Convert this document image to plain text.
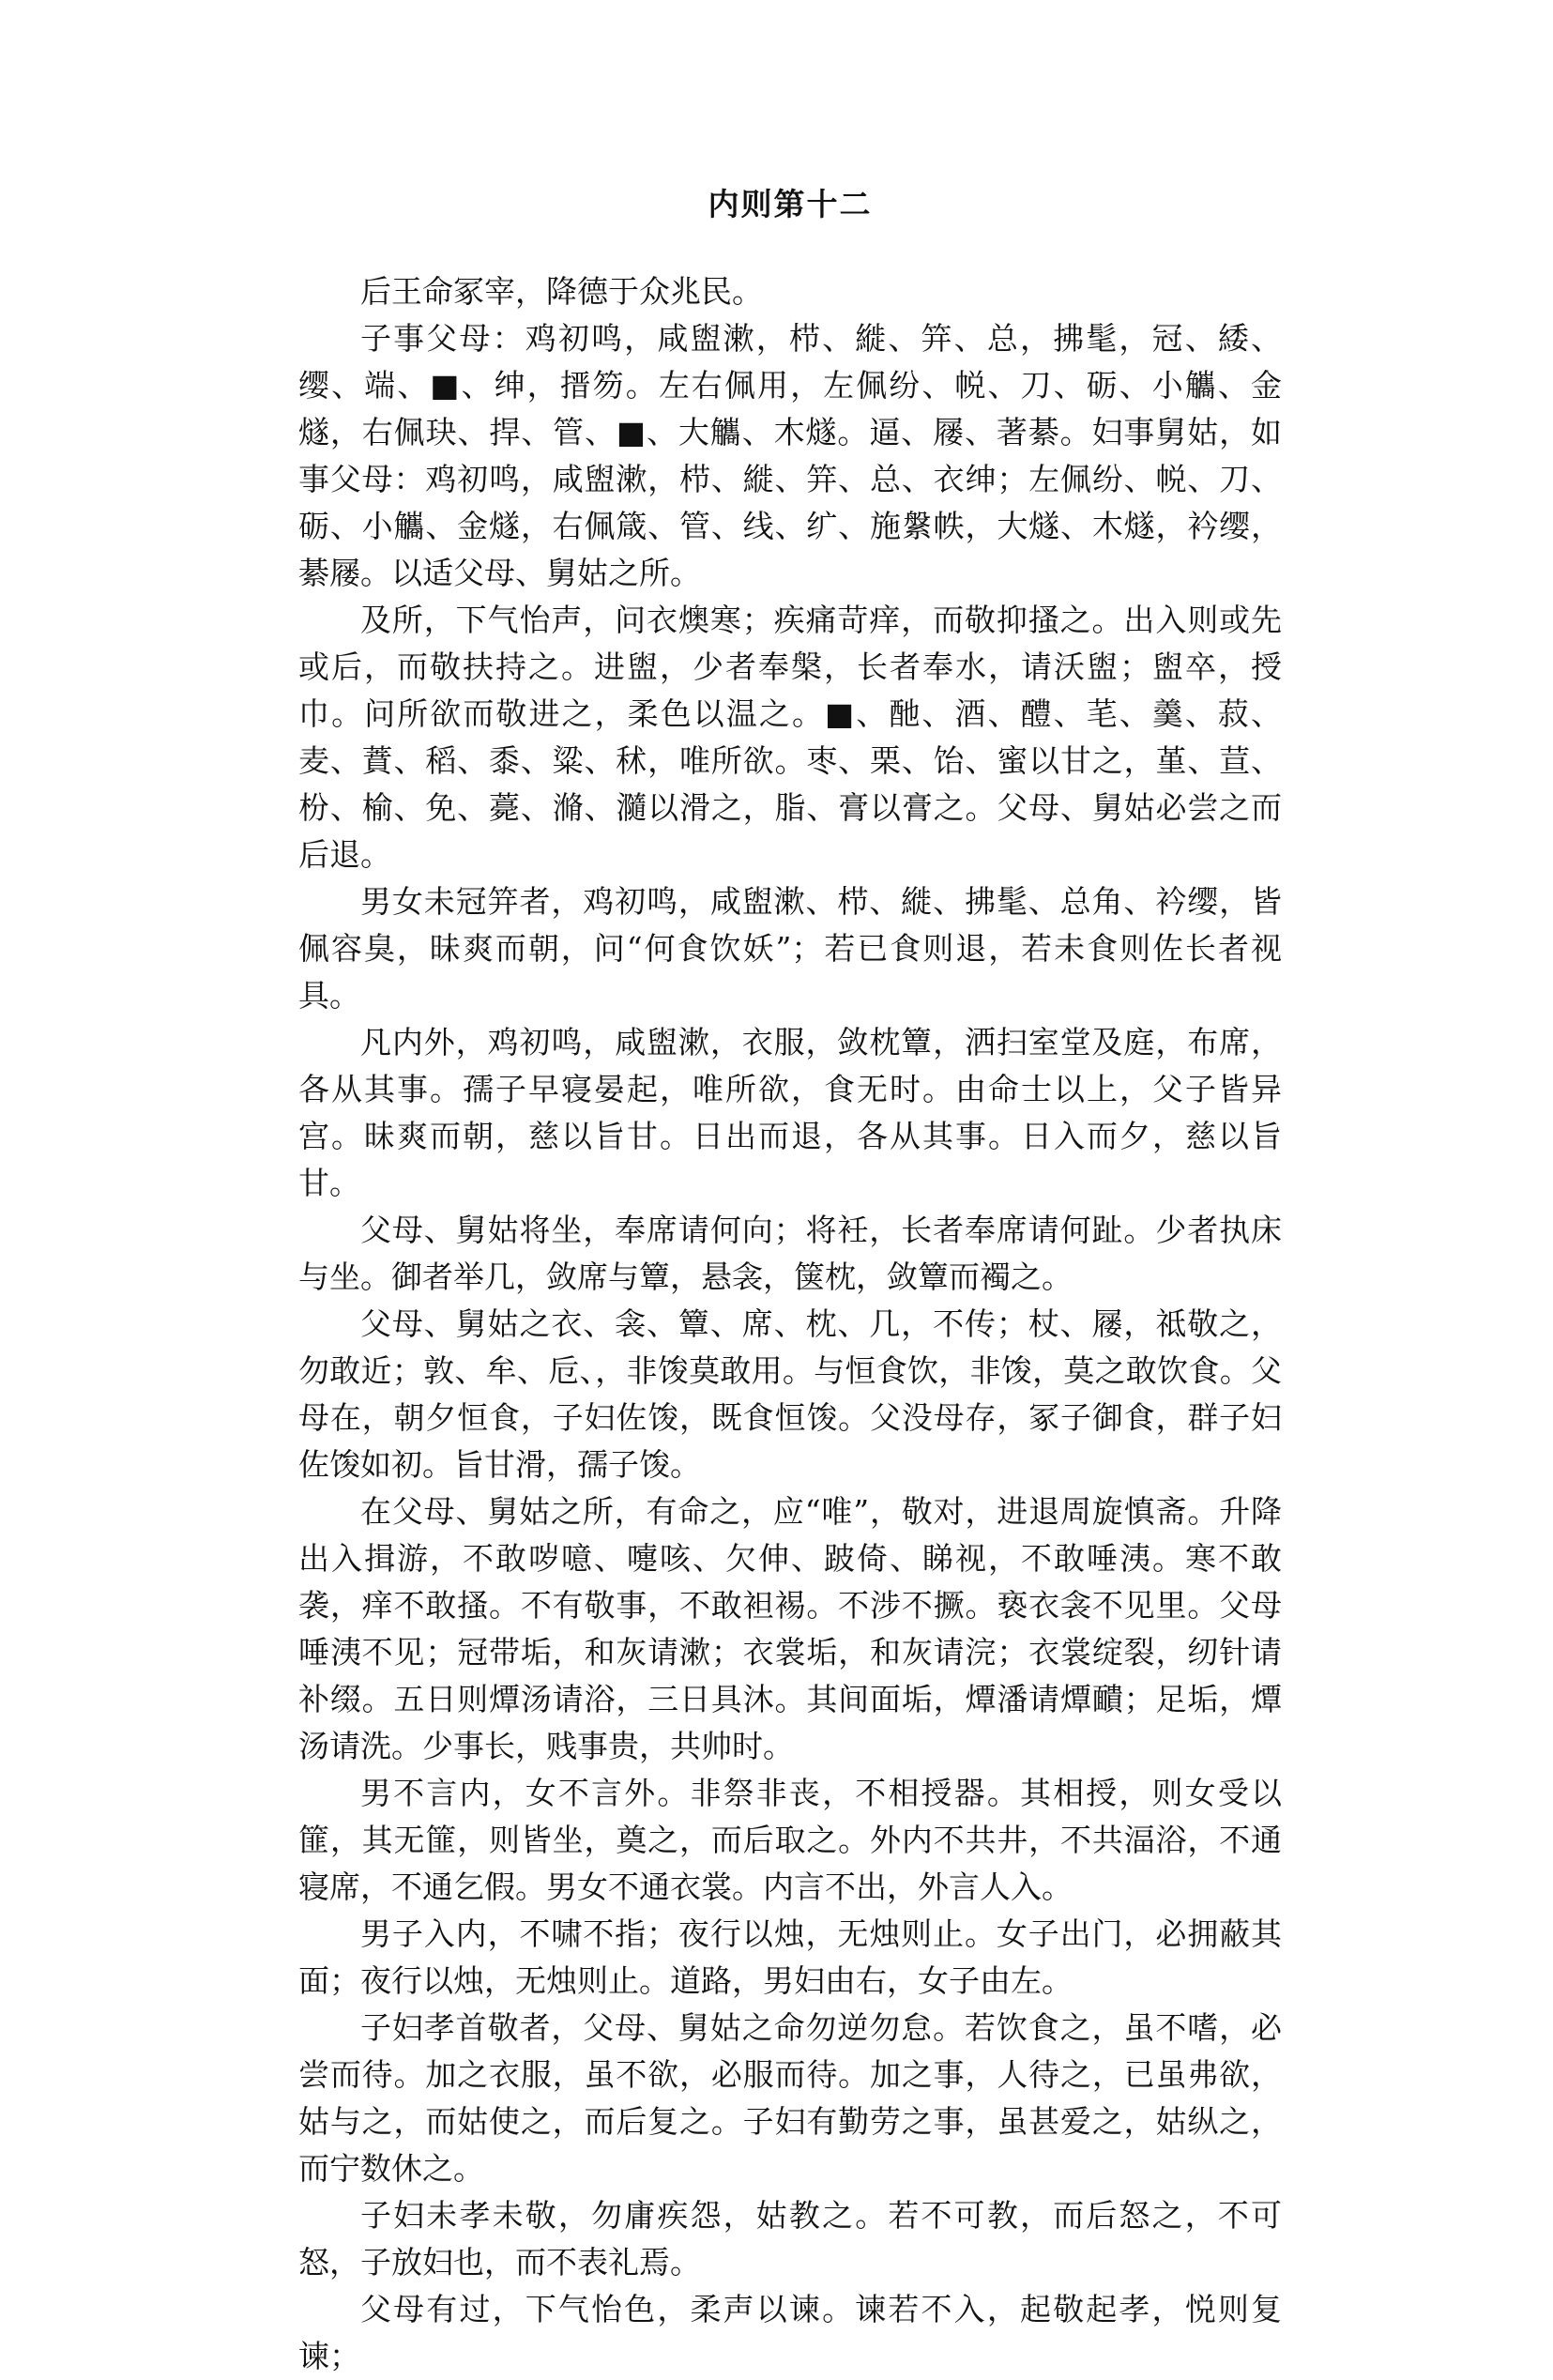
内则第十二

后王命冢宰，降德于众兆民。

子事父母：鸡初鸣，咸盥漱，栉、縰、笄、总，拂髦，冠、緌、缨、端、■、绅，搢笏。左右佩用，左佩纷、帨、刀、砺、小觿、金燧，右佩玦、捍、管、■、大觿、木燧。逼、屦、著綦。妇事舅姑，如事父母：鸡初鸣，咸盥漱，栉、縰、笄、总、衣绅；左佩纷、帨、刀、砺、小觿、金燧，右佩箴、管、线、纩、施縏帙，大燧、木燧，衿缨，綦屦。以适父母、舅姑之所。

及所，下气怡声，问衣燠寒；疾痛苛痒，而敬抑搔之。出入则或先或后，而敬扶持之。进盥，少者奉槃，长者奉水，请沃盥；盥卒，授巾。问所欲而敬进之，柔色以温之。■、酏、酒、醴、芼、羹、菽、麦、蕡、稻、黍、粱、秫，唯所欲。枣、栗、饴、蜜以甘之，堇、荁、枌、榆、免、薧、滫、瀡以滑之，脂、膏以膏之。父母、舅姑必尝之而后退。

男女未冠笄者，鸡初鸣，咸盥漱、栉、縰、拂髦、总角、衿缨，皆佩容臭，昧爽而朝，问“何食饮妖”；若已食则退，若未食则佐长者视具。

凡内外，鸡初鸣，咸盥漱，衣服，敛枕簟，洒扫室堂及庭，布席，各从其事。孺子早寝晏起，唯所欲，食无时。由命士以上，父子皆异宫。昧爽而朝，慈以旨甘。日出而退，各从其事。日入而夕，慈以旨甘。

父母、舅姑将坐，奉席请何向；将衽，长者奉席请何趾。少者执床与坐。御者举几，敛席与簟，悬衾，箧枕，敛簟而襡之。

父母、舅姑之衣、衾、簟、席、枕、几，不传；杖、屦，祗敬之，勿敢近；敦、牟、卮、，非馂莫敢用。与恒食饮，非馂，莫之敢饮食。父母在，朝夕恒食，子妇佐馂，既食恒馂。父没母存，冢子御食，群子妇佐馂如初。旨甘滑，孺子馂。

在父母、舅姑之所，有命之，应“唯”，敬对，进退周旋慎斋。升降出入揖游，不敢哕噫、嚏咳、欠伸、跛倚、睇视，不敢唾洟。寒不敢袭，痒不敢搔。不有敬事，不敢袒裼。不涉不撅。亵衣衾不见里。父母唾洟不见；冠带垢，和灰请漱；衣裳垢，和灰请浣；衣裳绽裂，纫针请补缀。五日则燂汤请浴，三日具沐。其间面垢，燂潘请燂靧；足垢，燂汤请洗。少事长，贱事贵，共帅时。

男不言内，女不言外。非祭非丧，不相授器。其相授，则女受以篚，其无篚，则皆坐，奠之，而后取之。外内不共井，不共湢浴，不通寝席，不通乞假。男女不通衣裳。内言不出，外言人入。

男子入内，不啸不指；夜行以烛，无烛则止。女子出门，必拥蔽其面；夜行以烛，无烛则止。道路，男妇由右，女子由左。

子妇孝首敬者，父母、舅姑之命勿逆勿怠。若饮食之，虽不嗜，必尝而待。加之衣服，虽不欲，必服而待。加之事，人待之，已虽弗欲，姑与之，而姑使之，而后复之。子妇有勤劳之事，虽甚爱之，姑纵之，而宁数休之。

子妇未孝未敬，勿庸疾怨，姑教之。若不可教，而后怒之，不可怒，子放妇也，而不表礼焉。

父母有过，下气怡色，柔声以谏。谏若不入，起敬起孝，悦则复谏；
